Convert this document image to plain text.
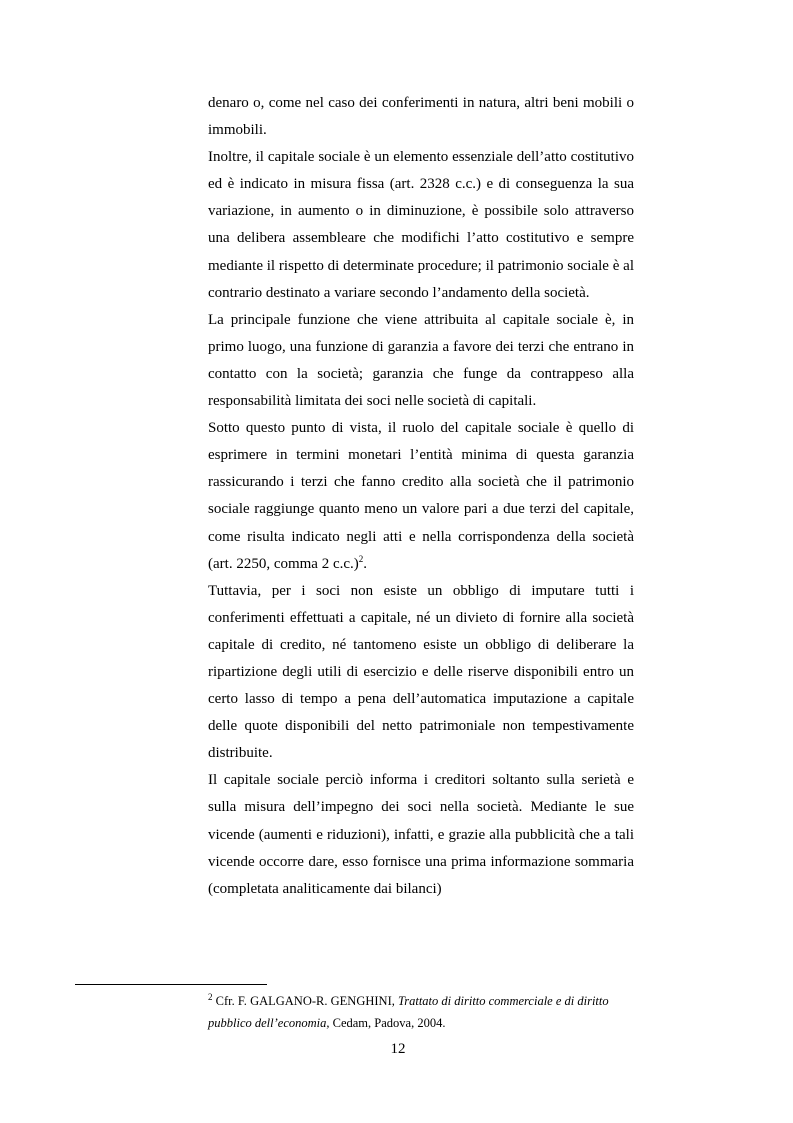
denaro o, come nel caso dei conferimenti in natura, altri beni mobili o immobili.

Inoltre, il capitale sociale è un elemento essenziale dell’atto costitutivo ed è indicato in misura fissa (art. 2328 c.c.) e di conseguenza la sua variazione, in aumento o in diminuzione, è possibile solo attraverso una delibera assembleare che modifichi l’atto costitutivo e sempre mediante il rispetto di determinate procedure; il patrimonio sociale è al contrario destinato a variare secondo l’andamento della società.

La principale funzione che viene attribuita al capitale sociale è, in primo luogo, una funzione di garanzia a favore dei terzi che entrano in contatto con la società; garanzia che funge da contrappeso alla responsabilità limitata dei soci nelle società di capitali.

Sotto questo punto di vista, il ruolo del capitale sociale è quello di esprimere in termini monetari l’entità minima di questa garanzia rassicurando i terzi che fanno credito alla società che il patrimonio sociale raggiunge quanto meno un valore pari a due terzi del capitale, come risulta indicato negli atti e nella corrispondenza della società (art. 2250, comma 2 c.c.)$^2$.

Tuttavia, per i soci non esiste un obbligo di imputare tutti i conferimenti effettuati a capitale, né un divieto di fornire alla società capitale di credito, né tantomeno esiste un obbligo di deliberare la ripartizione degli utili di esercizio e delle riserve disponibili entro un certo lasso di tempo a pena dell’automatica imputazione a capitale delle quote disponibili del netto patrimoniale non tempestivamente distribuite.

Il capitale sociale perciò informa i creditori soltanto sulla serietà e sulla misura dell’impegno dei soci nella società. Mediante le sue vicende (aumenti e riduzioni), infatti, e grazie alla pubblicità che a tali vicende occorre dare, esso fornisce una prima informazione sommaria (completata analiticamente dai bilanci)

$^2$ Cfr. F. GALGANO-R. GENGHINI, Trattato di diritto commerciale e di diritto pubblico dell’economia, Cedam, Padova, 2004.
12
